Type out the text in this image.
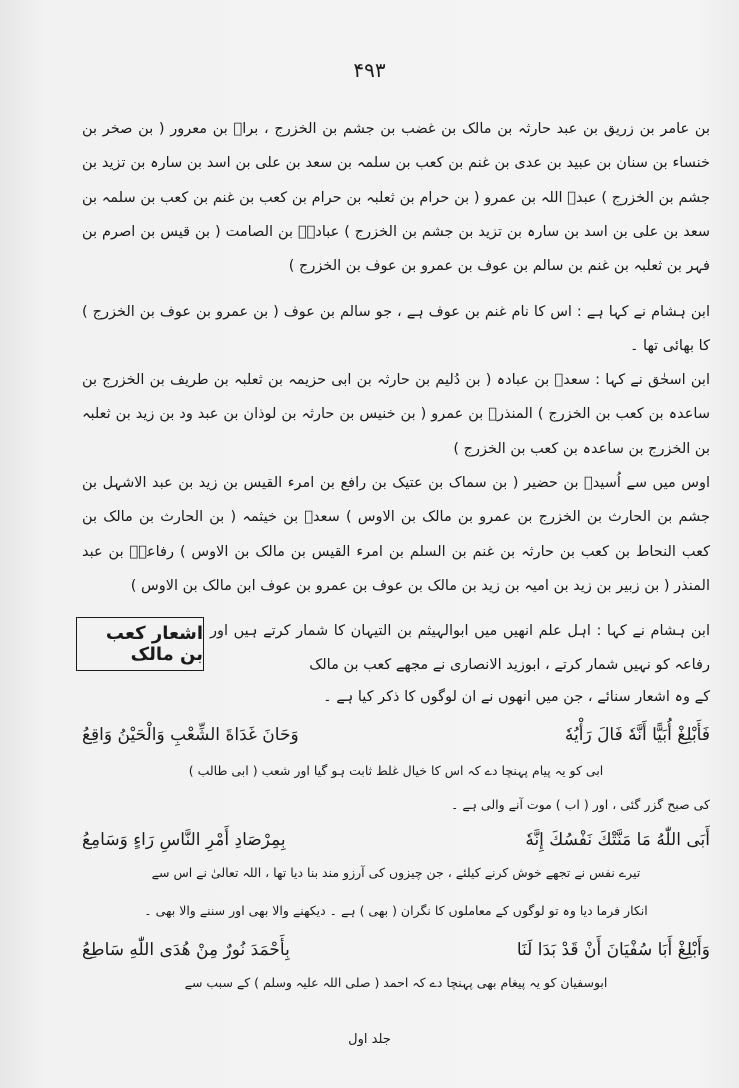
۴۹۳
بن عامر بن زریق بن عبد حارثہ بن مالک بن غضب بن جشم بن الخزرج ، براؓ بن معرور ( بن صخر بن خنساء بن سنان بن عبید بن عدی بن غنم بن کعب بن سلمہ بن سعد بن علی بن اسد بن سارہ بن تزید بن جشم بن الخزرج ) عبدؓ اللہ بن عمرو ( بن حرام بن ثعلبہ بن حرام بن کعب بن غنم بن کعب بن سلمہ بن سعد بن علی بن اسد بن سارہ بن تزید بن جشم بن الخزرج ) عبادہؓ بن الصامت ( بن قیس بن اصرم بن فہر بن ثعلبہ بن غنم بن سالم بن عوف بن عمرو بن عوف بن الخزرج )
ابن ہشام نے کہا ہے : اس کا نام غنم بن عوف ہے ، جو سالم بن عوف ( بن عمرو بن عوف بن الخزرج ) کا بھائی تھا ۔
ابن اسحٰق نے کہا : سعدؓ بن عبادہ ( بن دُلیم بن حارثہ بن ابی حزیمہ بن ثعلبہ بن طریف بن الخزرج بن ساعدہ بن کعب بن الخزرج ) المنذرؓ بن عمرو ( بن خنیس بن حارثہ بن لوذان بن عبد ود بن زید بن ثعلبہ بن الخزرج بن ساعدہ بن کعب بن الخزرج )
اوس میں سے اُسیدؓ بن حضیر ( بن سماک بن عتیک بن رافع بن امرء القیس بن زید بن عبد الاشہل بن جشم بن الحارث بن الخزرج بن عمرو بن مالک بن الاوس ) سعدؓ بن خیثمہ ( بن الحارث بن مالک بن کعب النحاط بن کعب بن حارثہ بن غنم بن السلم بن امرء القیس بن مالک بن الاوس ) رفاعہؓ بن عبد المنذر ( بن زبیر بن زید بن امیہ بن زید بن مالک بن عوف بن عمرو بن عوف ابن مالک بن الاوس )
اشعار کعب بن مالک
ابن ہشام نے کہا : اہل علم انھیں میں ابوالہیثم بن التیہان کا شمار کرتے ہیں اور رفاعہ کو نہیں شمار کرتے ، ابوزید الانصاری نے مجھے کعب بن مالک
کے وہ اشعار سنائے ، جن میں انھوں نے ان لوگوں کا ذکر کیا ہے ۔
فَأَبْلِغْ أُبَيًّا أَنَّهٗ فَالَ رَأْيُهٗ
وَحَانَ غَدَاةَ الشِّعْبِ وَالْحَيْنُ وَاقِعُ
ابی کو یہ پیام پہنچا دے کہ اس کا خیال غلط ثابت ہو گیا اور شعب ( ابی طالب )
کی صبح گزر گئی ، اور ( اب ) موت آنے والی ہے ۔
أَبَى اللّٰهُ مَا مَنَّتْكَ نَفْسُكَ إِنَّهٗ
بِمِرْصَادِ أَمْرِ النَّاسِ رَاءٍ وَسَامِعُ
تیرے نفس نے تجھے خوش کرنے کیلئے ، جن چیزوں کی آرزو مند بنا دیا تھا ، اللہ تعالیٰ نے اس سے
انکار فرما دیا وہ تو لوگوں کے معاملوں کا نگران ( بھی ) ہے ۔ دیکھنے والا بھی اور سننے والا بھی ۔
وَأَبْلِغْ أَبَا سُفْيَانَ أَنْ قَدْ بَدَا لَنَا
بِأَحْمَدَ نُورٌ مِنْ هُدَى اللّٰهِ سَاطِعُ
ابوسفیان کو یہ پیغام بھی پہنچا دے کہ احمد ( صلی اللہ علیہ وسلم ) کے سبب سے
جلد اول
